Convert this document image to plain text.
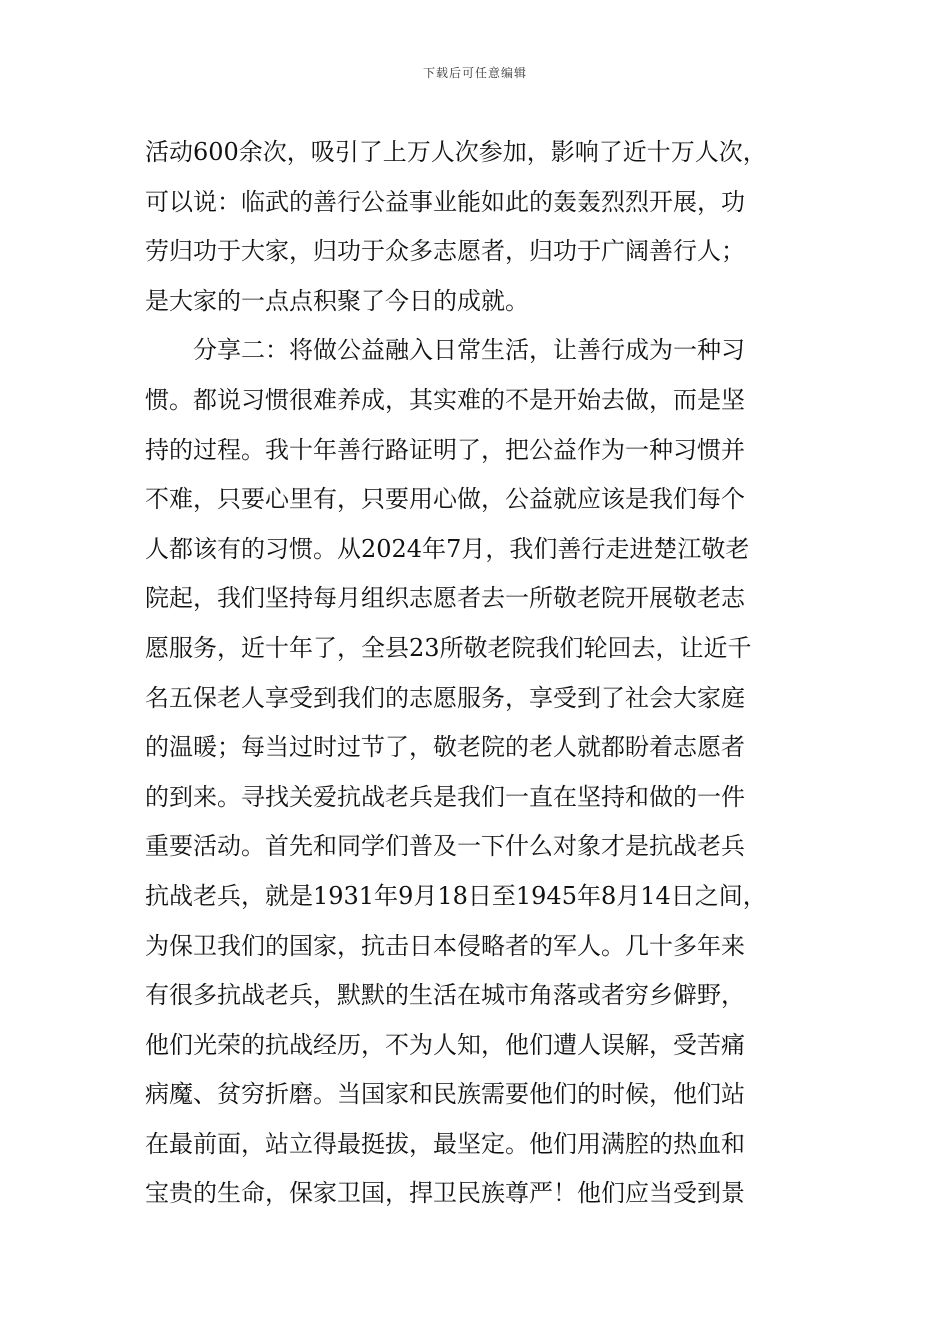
下载后可任意编辑
活动600余次，吸引了上万人次参加，影响了近十万人次，
可以说：临武的善行公益事业能如此的轰轰烈烈开展，功
劳归功于大家，归功于众多志愿者，归功于广阔善行人；
是大家的一点点积聚了今日的成就。
　　分享二：将做公益融入日常生活，让善行成为一种习
惯。都说习惯很难养成，其实难的不是开始去做，而是坚
持的过程。我十年善行路证明了，把公益作为一种习惯并
不难，只要心里有，只要用心做，公益就应该是我们每个
人都该有的习惯。从2024年7月，我们善行走进楚江敬老
院起，我们坚持每月组织志愿者去一所敬老院开展敬老志
愿服务，近十年了，全县23所敬老院我们轮回去，让近千
名五保老人享受到我们的志愿服务，享受到了社会大家庭
的温暖；每当过时过节了，敬老院的老人就都盼着志愿者
的到来。寻找关爱抗战老兵是我们一直在坚持和做的一件
重要活动。首先和同学们普及一下什么对象才是抗战老兵
抗战老兵，就是1931年9月18日至1945年8月14日之间，
为保卫我们的国家，抗击日本侵略者的军人。几十多年来
有很多抗战老兵，默默的生活在城市角落或者穷乡僻野，
他们光荣的抗战经历，不为人知，他们遭人误解，受苦痛
病魔、贫穷折磨。当国家和民族需要他们的时候，他们站
在最前面，站立得最挺拔，最坚定。他们用满腔的热血和
宝贵的生命，保家卫国，捍卫民族尊严！他们应当受到景
